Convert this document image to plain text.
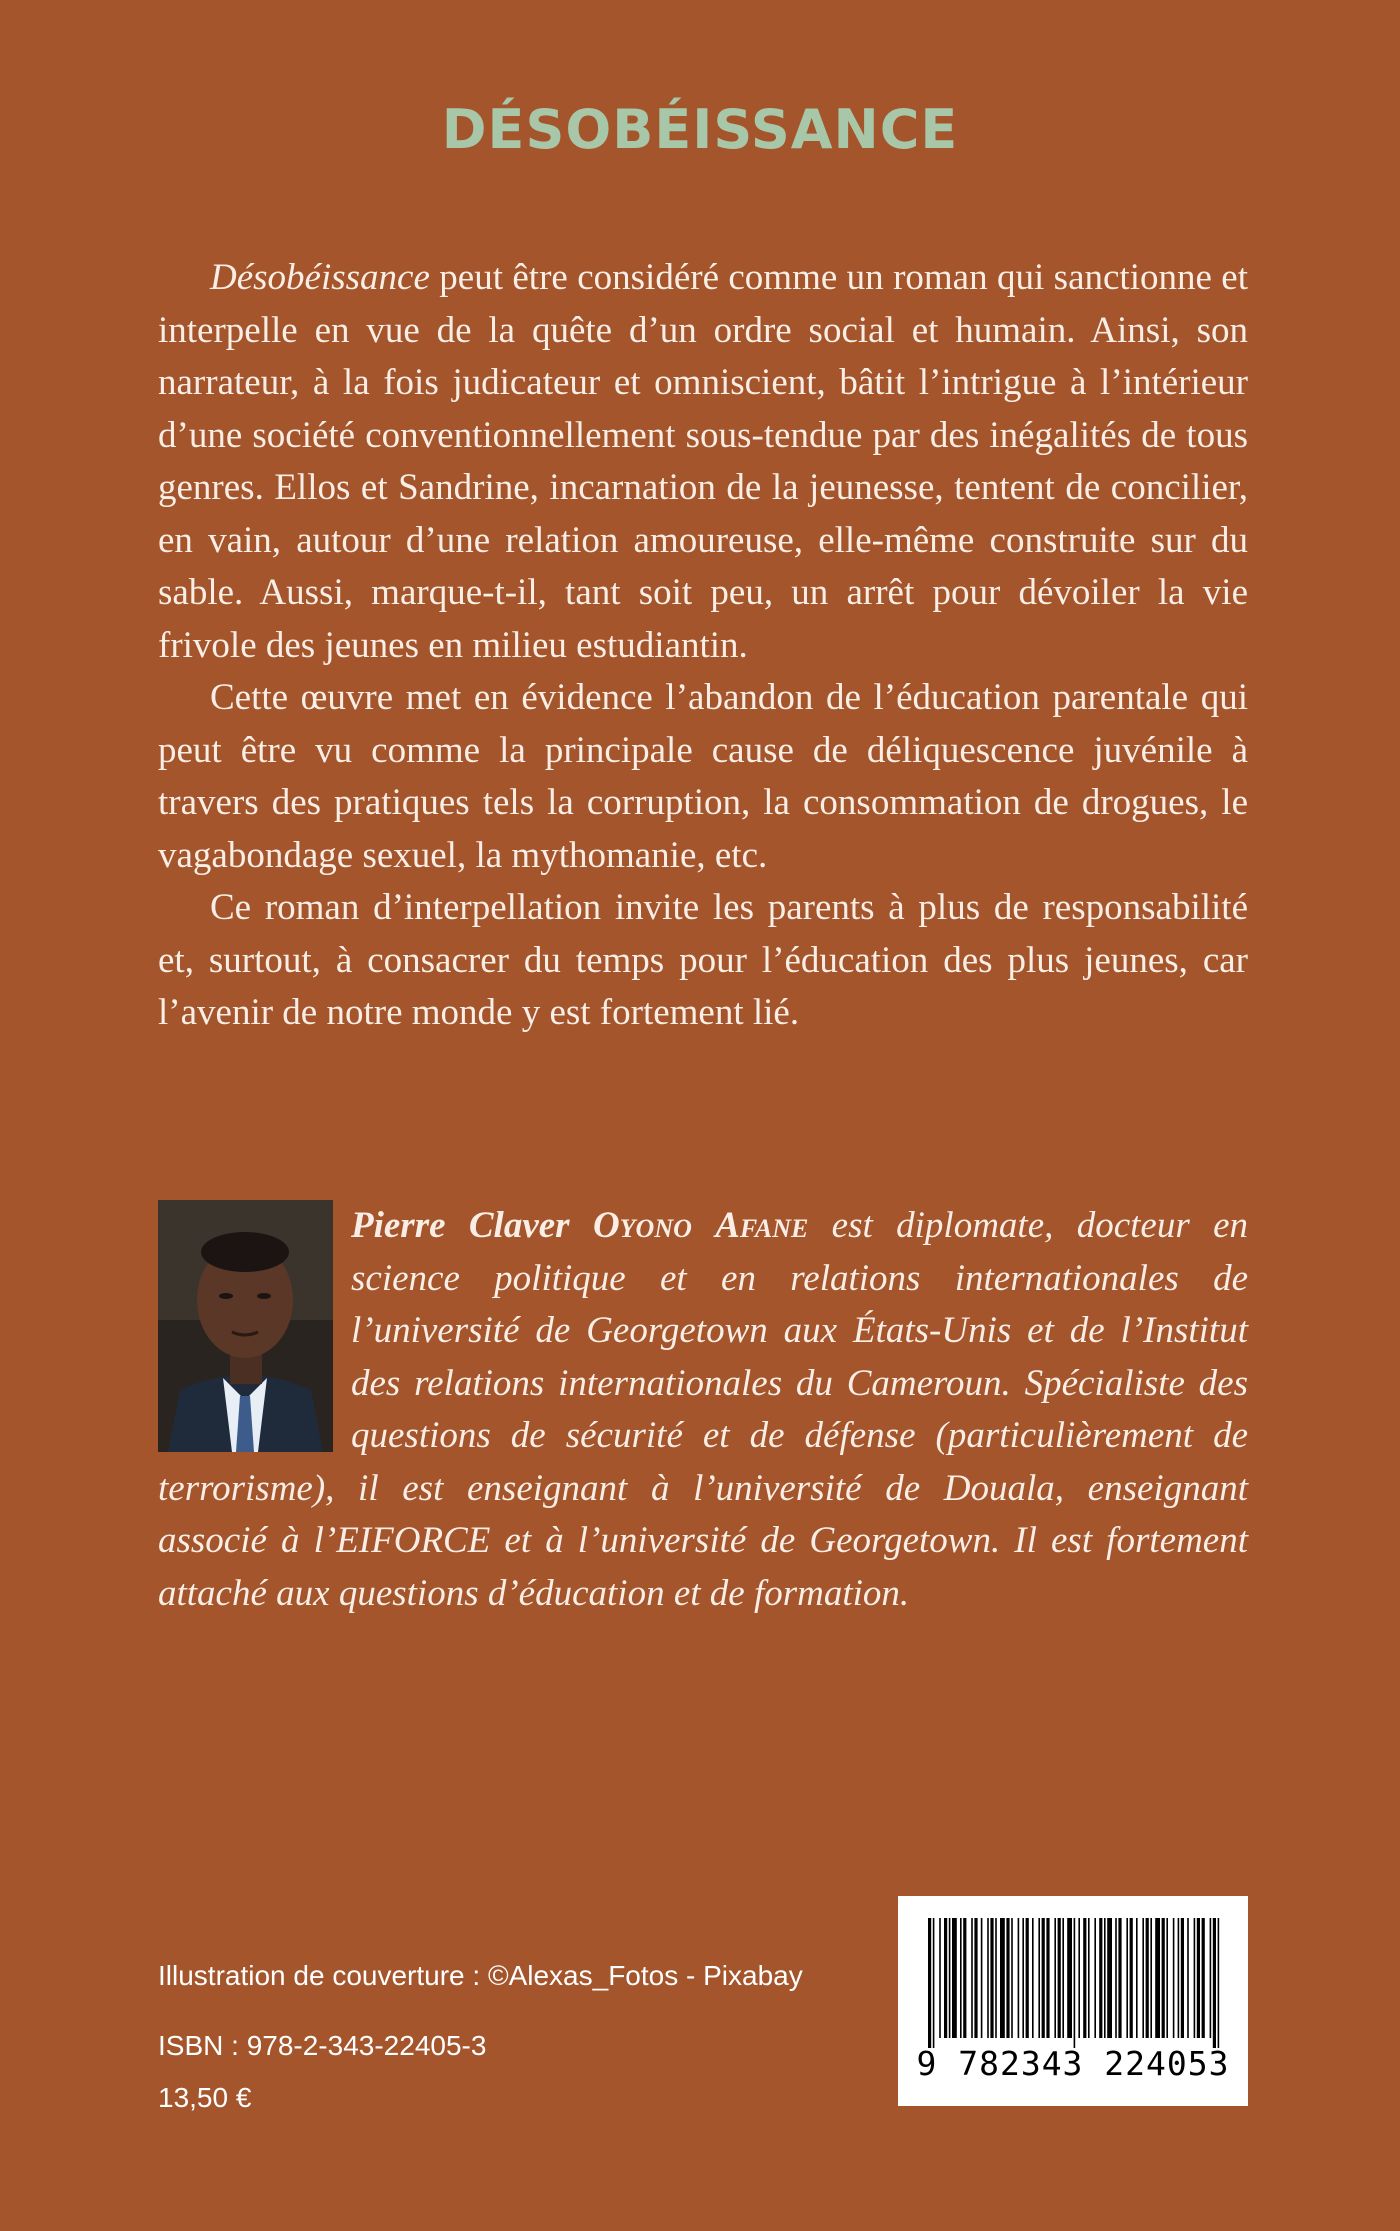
DÉSOBÉISSANCE

Désobéissance peut être considéré comme un roman qui sanctionne et interpelle en vue de la quête d’un ordre social et humain. Ainsi, son narrateur, à la fois judicateur et omniscient, bâtit l’intrigue à l’intérieur d’une société conventionnellement sous-tendue par des inégalités de tous genres. Ellos et Sandrine, incarnation de la jeunesse, tentent de concilier, en vain, autour d’une relation amoureuse, elle-même construite sur du sable. Aussi, marque-t-il, tant soit peu, un arrêt pour dévoiler la vie frivole des jeunes en milieu estudiantin.

Cette œuvre met en évidence l’abandon de l’éducation parentale qui peut être vu comme la principale cause de déliquescence juvénile à travers des pratiques tels la corruption, la consommation de drogues, le vagabondage sexuel, la mythomanie, etc.

Ce roman d’interpellation invite les parents à plus de responsabilité et, surtout, à consacrer du temps pour l’éducation des plus jeunes, car l’avenir de notre monde y est fortement lié.

Pierre Claver Oyono Afane est diplomate, docteur en science politique et en relations internationales de l’université de Georgetown aux États-Unis et de l’Institut des relations internationales du Cameroun. Spécialiste des questions de sécurité et de défense (particulièrement de terrorisme), il est enseignant à l’université de Douala, enseignant associé à l’EIFORCE et à l’université de Georgetown. Il est fortement attaché aux questions d’éducation et de formation.
Illustration de couverture : ©Alexas_Fotos - Pixabay
ISBN : 978-2-343-22405-3
13,50 €
9 782343 224053
